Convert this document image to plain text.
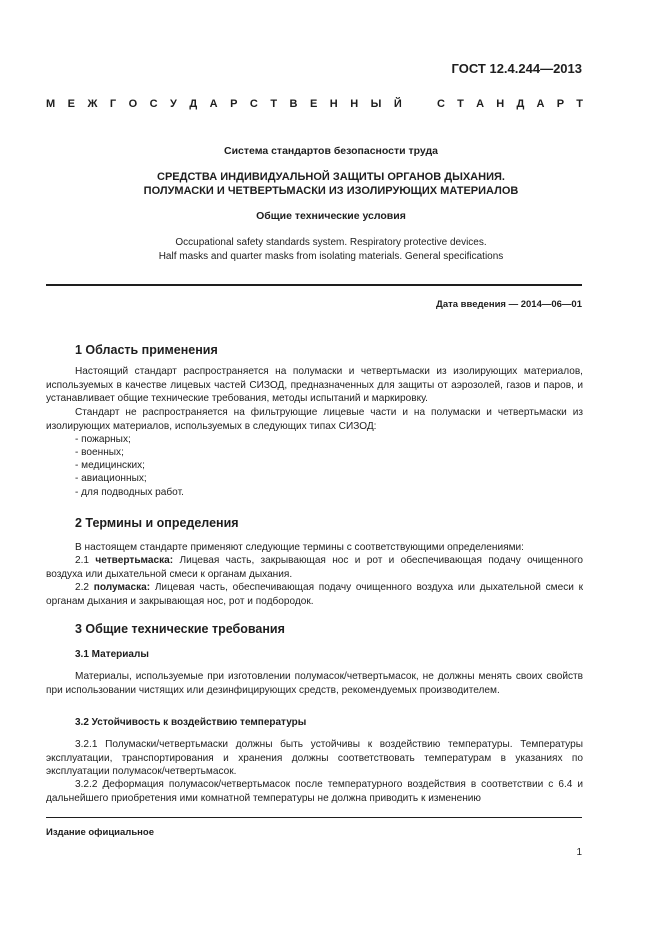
ГОСТ 12.4.244—2013
М Е Ж Г О С У Д А Р С Т В Е Н Н Ы Й	С Т А Н Д А Р Т
Система стандартов безопасности труда
СРЕДСТВА ИНДИВИДУАЛЬНОЙ ЗАЩИТЫ ОРГАНОВ ДЫХАНИЯ.
ПОЛУМАСКИ И ЧЕТВЕРТЬМАСКИ ИЗ ИЗОЛИРУЮЩИХ МАТЕРИАЛОВ
Общие технические условия
Occupational safety standards system. Respiratory protective devices.
Half masks and quarter masks from isolating materials. General specifications
Дата введения — 2014—06—01
1 Область применения
Настоящий стандарт распространяется на полумаски и четвертьмаски из изолирующих материалов, используемых в качестве лицевых частей СИЗОД, предназначенных для защиты от аэрозолей, газов и паров, и устанавливает общие технические требования, методы испытаний и маркировку.
Стандарт не распространяется на фильтрующие лицевые части и на полумаски и четвертьмаски из изолирующих материалов, используемых в следующих типах СИЗОД:
- пожарных;
- военных;
- медицинских;
- авиационных;
- для подводных работ.
2 Термины и определения
В настоящем стандарте применяют следующие термины с соответствующими определениями:
2.1 четвертьмаска: Лицевая часть, закрывающая нос и рот и обеспечивающая подачу очищенного воздуха или дыхательной смеси к органам дыхания.
2.2 полумаска: Лицевая часть, обеспечивающая подачу очищенного воздуха или дыхательной смеси к органам дыхания и закрывающая нос, рот и подбородок.
3 Общие технические требования
3.1 Материалы
Материалы, используемые при изготовлении полумасок/четвертьмасок, не должны менять своих свойств при использовании чистящих или дезинфицирующих средств, рекомендуемых производителем.
3.2 Устойчивость к воздействию температуры
3.2.1 Полумаски/четвертьмаски должны быть устойчивы к воздействию температуры. Температуры эксплуатации, транспортирования и хранения должны соответствовать температурам в указаниях по эксплуатации полумасок/четвертьмасок.
3.2.2 Деформация полумасок/четвертьмасок после температурного воздействия в соответствии с 6.4 и дальнейшего приобретения ими комнатной температуры не должна приводить к изменению
Издание официальное
1
